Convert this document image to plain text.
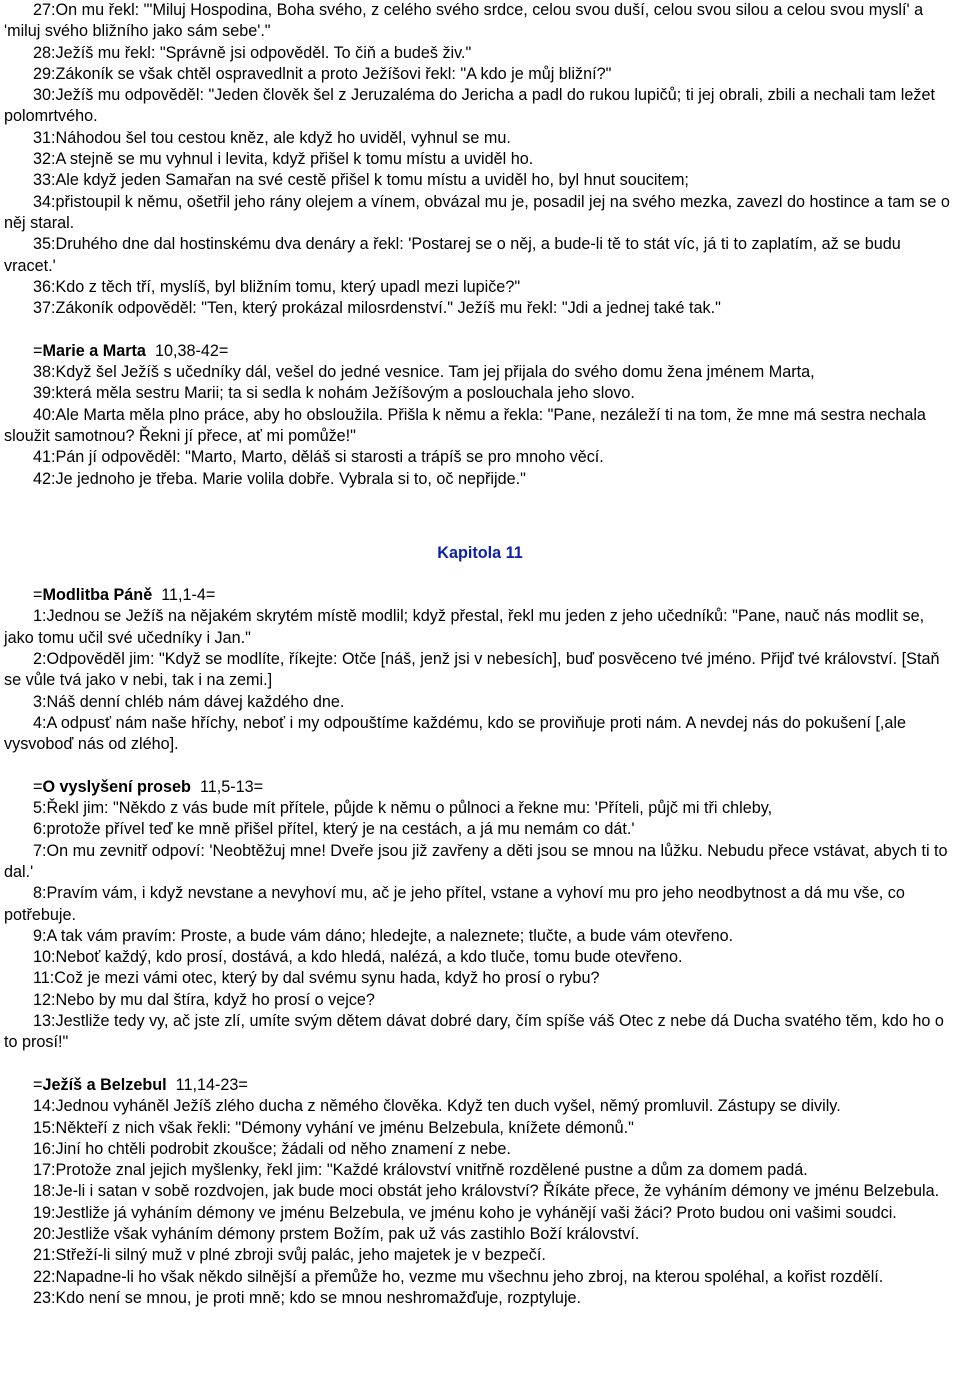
27:On mu řekl: "'Miluj Hospodina, Boha svého, z celého svého srdce, celou svou duší, celou svou silou a celou svou myslí' a 'miluj svého bližního jako sám sebe'."

28:Ježíš mu řekl: "Správně jsi odpověděl. To čiň a budeš živ."

29:Zákoník se však chtěl ospravedlnit a proto Ježíšovi řekl: "A kdo je můj bližní?"

30:Ježíš mu odpověděl: "Jeden člověk šel z Jeruzaléma do Jericha a padl do rukou lupičů; ti jej obrali, zbili a nechali tam ležet polomrtvého.

31:Náhodou šel tou cestou kněz, ale když ho uviděl, vyhnul se mu.

32:A stejně se mu vyhnul i levita, když přišel k tomu místu a uviděl ho.

33:Ale když jeden Samařan na své cestě přišel k tomu místu a uviděl ho, byl hnut soucitem;

34:přistoupil k němu, ošetřil jeho rány olejem a vínem, obvázal mu je, posadil jej na svého mezka, zavezl do hostince a tam se o něj staral.

35:Druhého dne dal hostinskému dva denáry a řekl: 'Postarej se o něj, a bude-li tě to stát víc, já ti to zaplatím, až se budu vracet.'

36:Kdo z těch tří, myslíš, byl bližním tomu, který upadl mezi lupiče?"

37:Zákoník odpověděl: "Ten, který prokázal milosrdenství." Ježíš mu řekl: "Jdi a jednej také tak."

=Marie a Marta 10,38-42=

38:Když šel Ježíš s učedníky dál, vešel do jedné vesnice. Tam jej přijala do svého domu žena jménem Marta,

39:která měla sestru Marii; ta si sedla k nohám Ježíšovým a poslouchala jeho slovo.

40:Ale Marta měla plno práce, aby ho obsloužila. Přišla k němu a řekla: "Pane, nezáleží ti na tom, že mne má sestra nechala sloužit samotnou? Řekni jí přece, ať mi pomůže!"

41:Pán jí odpověděl: "Marto, Marto, děláš si starosti a trápíš se pro mnoho věcí.

42:Je jednoho je třeba. Marie volila dobře. Vybrala si to, oč nepřijde."

Kapitola 11

=Modlitba Páně 11,1-4=

1:Jednou se Ježíš na nějakém skrytém místě modlil; když přestal, řekl mu jeden z jeho učedníků: "Pane, nauč nás modlit se, jako tomu učil své učedníky i Jan."

2:Odpověděl jim: "Když se modlíte, říkejte: Otče [náš, jenž jsi v nebesích], buď posvěceno tvé jméno. Přijď tvé království. [Staň se vůle tvá jako v nebi, tak i na zemi.]

3:Náš denní chléb nám dávej každého dne.

4:A odpusť nám naše hříchy, neboť i my odpouštíme každému, kdo se proviňuje proti nám. A nevdej nás do pokušení [,ale vysvoboď nás od zlého].

=O vyslyšení proseb 11,5-13=

5:Řekl jim: "Někdo z vás bude mít přítele, půjde k němu o půlnoci a řekne mu: 'Příteli, půjč mi tři chleby,

6:protože přível teď ke mně přišel přítel, který je na cestách, a já mu nemám co dát.'

7:On mu zevnitř odpoví: 'Neobtěžuj mne! Dveře jsou již zavřeny a děti jsou se mnou na lůžku. Nebudu přece vstávat, abych ti to dal.'

8:Pravím vám, i když nevstane a nevyhoví mu, ač je jeho přítel, vstane a vyhoví mu pro jeho neodbytnost a dá mu vše, co potřebuje.

9:A tak vám pravím: Proste, a bude vám dáno; hledejte, a naleznete; tlučte, a bude vám otevřeno.

10:Neboť každý, kdo prosí, dostává, a kdo hledá, nalézá, a kdo tluče, tomu bude otevřeno.

11:Což je mezi vámi otec, který by dal svému synu hada, když ho prosí o rybu?

12:Nebo by mu dal štíra, když ho prosí o vejce?

13:Jestliže tedy vy, ač jste zlí, umíte svým dětem dávat dobré dary, čím spíše váš Otec z nebe dá Ducha svatého těm, kdo ho o to prosí!"

=Ježíš a Belzebul 11,14-23=

14:Jednou vyháněl Ježíš zlého ducha z němého člověka. Když ten duch vyšel, němý promluvil. Zástupy se divily.

15:Někteří z nich však řekli: "Démony vyhání ve jménu Belzebula, knížete démonů."

16:Jiní ho chtěli podrobit zkoušce; žádali od něho znamení z nebe.

17:Protože znal jejich myšlenky, řekl jim: "Každé království vnitřně rozdělené pustne a dům za domem padá.

18:Je-li i satan v sobě rozdvojen, jak bude moci obstát jeho království? Říkáte přece, že vyháním démony ve jménu Belzebula.

19:Jestliže já vyháním démony ve jménu Belzebula, ve jménu koho je vyhánějí vaši žáci? Proto budou oni vašimi soudci.

20:Jestliže však vyháním démony prstem Božím, pak už vás zastihlo Boží království.

21:Střeží-li silný muž v plné zbroji svůj palác, jeho majetek je v bezpečí.

22:Napadne-li ho však někdo silnější a přemůže ho, vezme mu všechnu jeho zbroj, na kterou spoléhal, a kořist rozdělí.

23:Kdo není se mnou, je proti mně; kdo se mnou neshromažďuje, rozptyluje.
